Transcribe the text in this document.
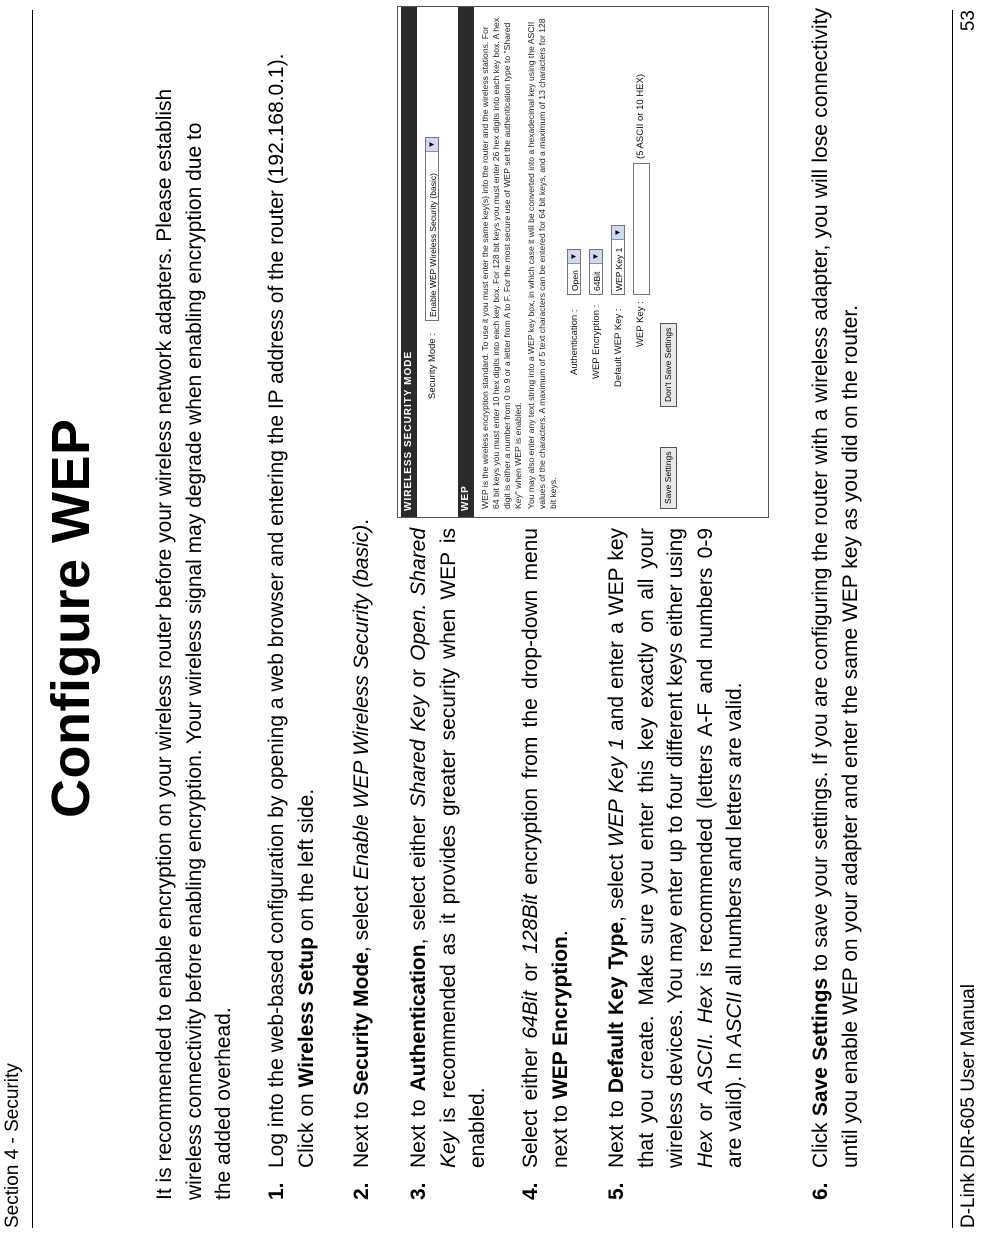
Section 4 - Security
Configure WEP It is recommended to enable encryption on your wireless router before your wireless network adapters. Please establish wireless connectivity before enabling encryption. Your wireless signal may degrade when enabling encryption due to the added overhead. 1.
Log into the web-based configuration by opening a web browser and entering the IP address of the router (192.168.0.1). Click on Wireless Setup on the left side.
2.
Next to Security Mode, select Enable WEP Wireless Security (basic).
3.
Next to Authentication, select either Shared Key or Open. Shared Key is recommended as it provides greater security when WEP is enabled.
4.
Select either 64Bit or 128Bit encryption from the drop-down menu next to WEP Encryption.
5.
Next to Default Key Type, select WEP Key 1 and enter a WEP key that you create. Make sure you enter this key exactly on all your wireless devices. You may enter up to four different keys either using Hex or ASCII. Hex is recommended (letters A-F and numbers 0-9 are valid). In ASCII all numbers and letters are valid.
6.
Click Save Settings to save your settings. If you are configuring the router with a wireless adapter, you will lose connectivity until you enable WEP on your adapter and enter the same WEP key as you did on the router.
WIRELESS SECURITY MODE	Security Mode :
Enable WEP Wireless Security (basic)
▼
WEP	WEP is the wireless encryption standard. To use it you must enter the same key(s) into the router and the wireless stations. For 64 bit keys you must enter 10 hex digits into each key box. For 128 bit keys you must enter 26 hex digits into each key box. A hex digit is either a number from 0 to 9 or a letter from A to F. For the most secure use of WEP set the authentication type to "Shared Key" when WEP is enabled. You may also enter any text string into a WEP key box, in which case it will be converted into a hexadecimal key using the ASCII values of the characters. A maximum of 5 text characters can be entered for 64 bit keys, and a maximum of 13 characters for 128 bit keys.
Authentication :
Open
▼
WEP Encryption :
64Bit
▼
Default WEP Key :
WEP Key 1
▼
WEP Key :
(5 ASCII or 10 HEX)
Save Settings
Don't Save Settings
D-Link DIR-605 User Manual
53
